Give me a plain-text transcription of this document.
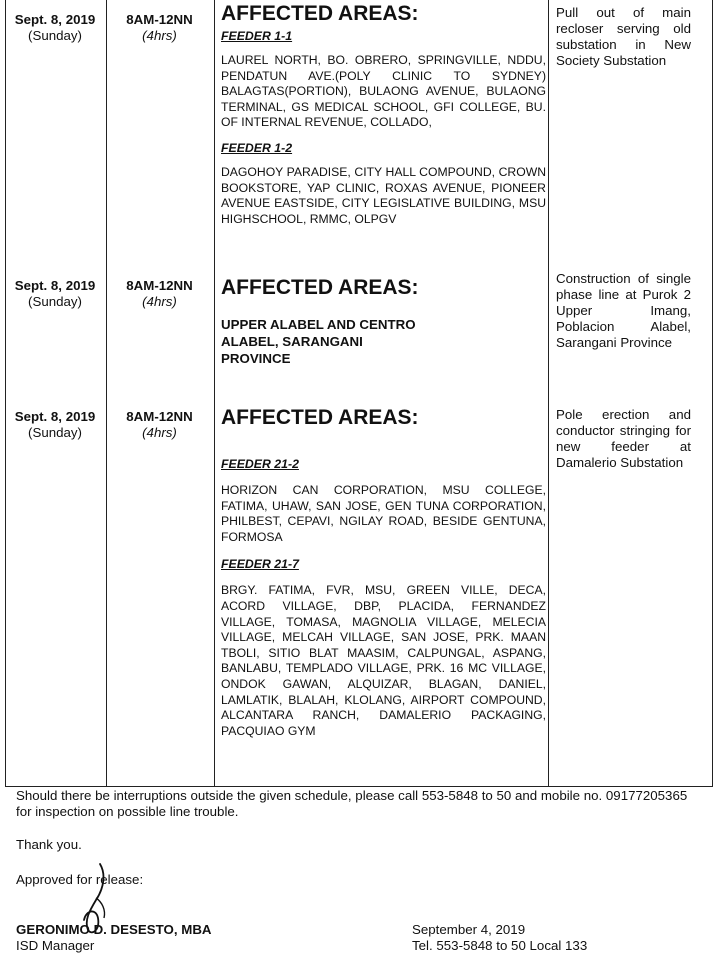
Sept. 8, 2019
(Sunday)
8AM-12NN
(4hrs)
AFFECTED AREAS:
FEEDER 1-1
LAUREL NORTH, BO. OBRERO, SPRINGVILLE, NDDU, PENDATUN AVE.(POLY CLINIC TO SYDNEY) BALAGTAS(PORTION), BULAONG AVENUE, BULAONG TERMINAL, GS MEDICAL SCHOOL, GFI COLLEGE, BU. OF INTERNAL REVENUE, COLLADO,
FEEDER 1-2
DAGOHOY PARADISE, CITY HALL COMPOUND, CROWN BOOKSTORE, YAP CLINIC, ROXAS AVENUE, PIONEER AVENUE EASTSIDE, CITY LEGISLATIVE BUILDING, MSU HIGHSCHOOL, RMMC, OLPGV
Pull out of main recloser serving old substation in New Society Substation
Sept. 8, 2019
(Sunday)
8AM-12NN
(4hrs)
AFFECTED AREAS:
UPPER ALABEL AND CENTRO ALABEL, SARANGANI PROVINCE
Construction of single phase line at Purok 2 Upper Imang, Poblacion Alabel, Sarangani Province
Sept. 8, 2019
(Sunday)
8AM-12NN
(4hrs)
AFFECTED AREAS:
FEEDER 21-2
HORIZON CAN CORPORATION, MSU COLLEGE, FATIMA, UHAW, SAN JOSE, GEN TUNA CORPORATION, PHILBEST, CEPAVI, NGILAY ROAD, BESIDE GENTUNA, FORMOSA
FEEDER 21-7
BRGY. FATIMA, FVR, MSU, GREEN VILLE, DECA, ACORD VILLAGE, DBP, PLACIDA, FERNANDEZ VILLAGE, TOMASA, MAGNOLIA VILLAGE, MELECIA VILLAGE, MELCAH VILLAGE, SAN JOSE, PRK. MAAN TBOLI, SITIO BLAT MAASIM, CALPUNGAL, ASPANG, BANLABU, TEMPLADO VILLAGE, PRK. 16 MC VILLAGE, ONDOK GAWAN, ALQUIZAR, BLAGAN, DANIEL, LAMLATIK, BLALAH, KLOLANG, AIRPORT COMPOUND, ALCANTARA RANCH, DAMALERIO PACKAGING, PACQUIAO GYM
Pole erection and conductor stringing for new feeder at Damalerio Substation
Should there be interruptions outside the given schedule, please call 553-5848 to 50 and mobile no. 09177205365 for inspection on possible line trouble.
Thank you.
Approved for release:
GERONIMO D. DESESTO, MBA
ISD Manager
September 4, 2019
Tel. 553-5848 to 50 Local 133
